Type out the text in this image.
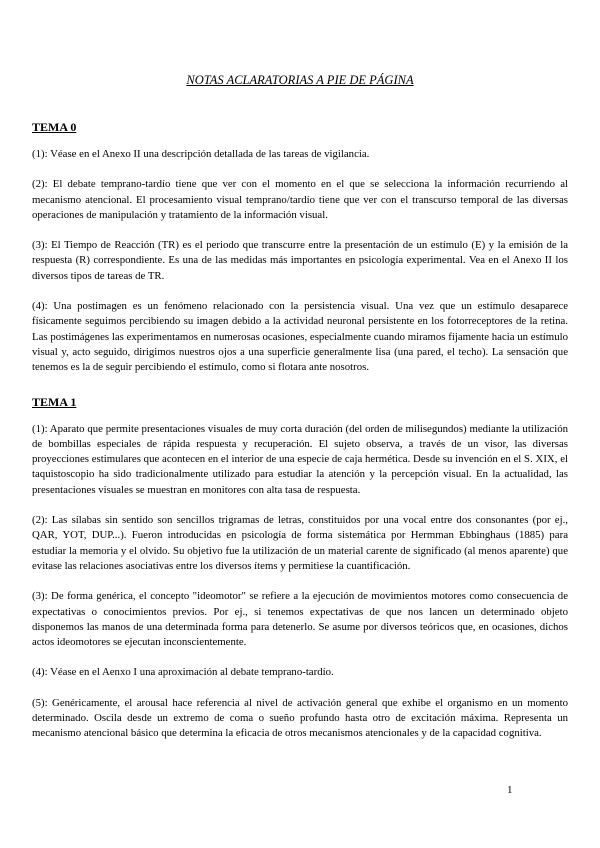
NOTAS ACLARATORIAS A PIE DE PÁGINA
TEMA 0

(1): Véase en el Anexo II una descripción detallada de las tareas de vigilancia.

(2): El debate temprano-tardío tiene que ver con el momento en el que se selecciona la información recurriendo al mecanismo atencional. El procesamiento visual temprano/tardío tiene que ver con el transcurso temporal de las diversas operaciones de manipulación y tratamiento de la información visual.

(3): El Tiempo de Reacción (TR) es el periodo que transcurre entre la presentación de un estímulo (E) y la emisión de la respuesta (R) correspondiente. Es una de las medidas más importantes en psicología experimental. Vea en el Anexo II los diversos tipos de tareas de TR.

(4): Una postimagen es un fenómeno relacionado con la persistencia visual. Una vez que un estímulo desaparece físicamente seguimos percibiendo su imagen debido a la actividad neuronal persistente en los fotorreceptores de la retina. Las postimágenes las experimentamos en numerosas ocasiones, especialmente cuando miramos fijamente hacia un estímulo visual y, acto seguido, dirigimos nuestros ojos a una superficie generalmente lisa (una pared, el techo). La sensación que tenemos es la de seguir percibiendo el estímulo, como si flotara ante nosotros.

TEMA 1

(1): Aparato que permite presentaciones visuales de muy corta duración (del orden de milisegundos) mediante la utilización de bombillas especiales de rápida respuesta y recuperación. El sujeto observa, a través de un visor, las diversas proyecciones estimulares que acontecen en el interior de una especie de caja hermética. Desde su invención en el S. XIX, el taquistoscopio ha sido tradicionalmente utilizado para estudiar la atención y la percepción visual. En la actualidad, las presentaciones visuales se muestran en monitores con alta tasa de respuesta.

(2): Las sílabas sin sentido son sencillos trigramas de letras, constituidos por una vocal entre dos consonantes (por ej., QAR, YOT, DUP...). Fueron introducidas en psicología de forma sistemática por Hermman Ebbinghaus (1885) para estudiar la memoria y el olvido. Su objetivo fue la utilización de un material carente de significado (al menos aparente) que evitase las relaciones asociativas entre los diversos ítems y permitiese la cuantificación.

(3): De forma genérica, el concepto "ideomotor" se refiere a la ejecución de movimientos motores como consecuencia de expectativas o conocimientos previos. Por ej., si tenemos expectativas de que nos lancen un determinado objeto disponemos las manos de una determinada forma para detenerlo. Se asume por diversos teóricos que, en ocasiones, dichos actos ideomotores se ejecutan inconscientemente.

(4): Véase en el Aenxo I una aproximación al debate temprano-tardío.

(5): Genéricamente, el arousal hace referencia al nivel de activación general que exhibe el organismo en un momento determinado. Oscila desde un extremo de coma o sueño profundo hasta otro de excitación máxima. Representa un mecanismo atencional básico que determina la eficacia de otros mecanismos atencionales y de la capacidad cognitiva.

1
